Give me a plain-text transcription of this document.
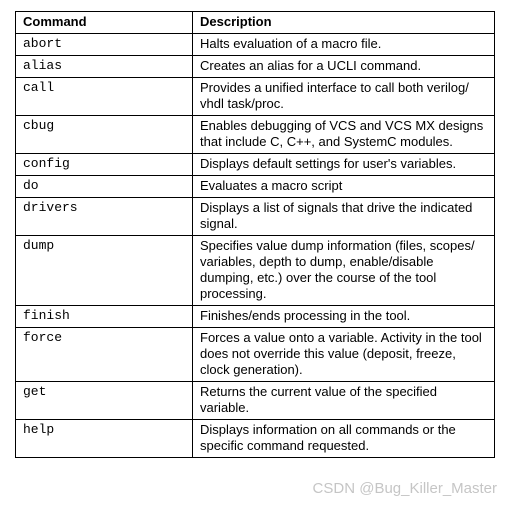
Command	Description
abort	Halts evaluation of a macro file.
alias	Creates an alias for a UCLI command.
call	Provides a unified interface to call both verilog/ vhdl task/proc.
cbug	Enables debugging of VCS and VCS MX designs that include C, C++, and SystemC modules.
config	Displays default settings for user's variables.
do	Evaluates a macro script
drivers	Displays a list of signals that drive the indicated signal.
dump	Specifies value dump information (files, scopes/ variables, depth to dump, enable/disable dumping, etc.) over the course of the tool processing.
finish	Finishes/ends processing in the tool.
force	Forces a value onto a variable. Activity in the tool does not override this value (deposit, freeze, clock generation).
get	Returns the current value of the specified variable.
help	Displays information on all commands or the specific command requested.
CSDN @Bug_Killer_Master
